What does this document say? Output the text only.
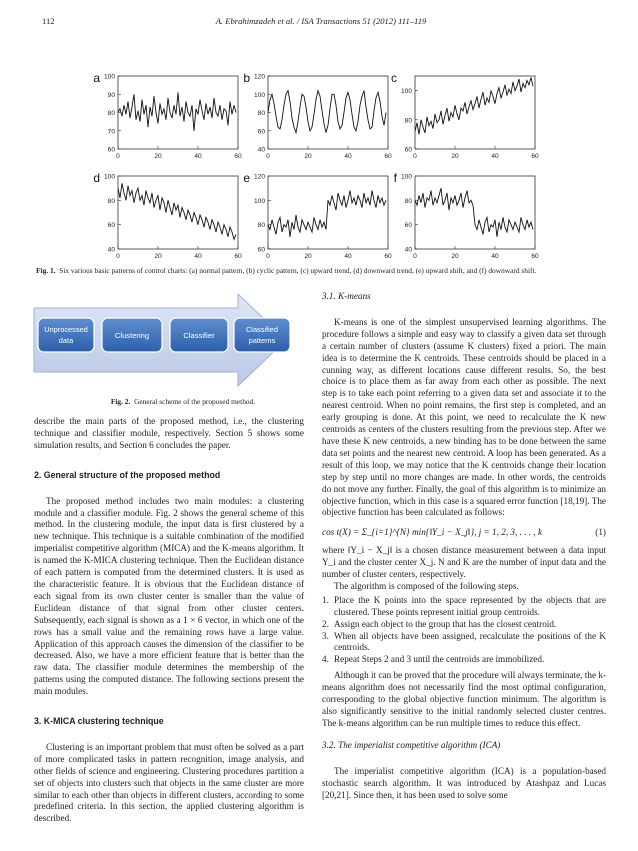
112	A. Ebrahimzadeh et al. / ISA Transactions 51 (2012) 111–119
100
90
80
70
60
0	20	40	60
a	120
100
80
60
40
0	20	40	60
b
100
80
60
0	20	40	60
c
100
80
60
40
0	20	40	60
d	120
100
80
60
0	20	40	60
e	100
80
60
40
0	20	40	60
f
Fig. 1. Six various basic patterns of control charts: (a) normal pattern, (b) cyclic pattern, (c) upward trend, (d) downward trend, (e) upward shift, and (f) downward shift.
Unprocessed
data
Clustering	Classifier
Classified
patterns
Fig. 2. General scheme of the proposed method.

describe the main parts of the proposed method, i.e., the clustering technique and classifier module, respectively. Section 5 shows some simulation results, and Section 6 concludes the paper.

2. General structure of the proposed method

The proposed method includes two main modules: a clustering module and a classifier module. Fig. 2 shows the general scheme of this method. In the clustering module, the input data is first clustered by a new technique. This technique is a suitable combination of the modified imperialist competitive algorithm (MICA) and the K-means algorithm. It is named the K-MICA clustering technique. Then the Euclidean distance of each pattern is computed from the determined clusters. It is used as the characteristic feature. It is obvious that the Euclidean distance of each signal from its own cluster center is smaller than the value of Euclidean distance of that signal from other cluster centers. Subsequently, each signal is shown as a 1 × 6 vector, in which one of the rows has a small value and the remaining rows have a large value. Application of this approach causes the dimension of the classifier to be decreased. Also, we have a more efficient feature that is better than the raw data. The classifier module determines the membership of the patterns using the computed distance. The following sections present the main modules.

3. K-MICA clustering technique

Clustering is an important problem that must often be solved as a part of more complicated tasks in pattern recognition, image analysis, and other fields of science and engineering. Clustering procedures partition a set of objects into clusters such that objects in the same cluster are more similar to each other than objects in different clusters, according to some predefined criteria. In this section, the applied clustering algorithm is described.

3.1. K-means

K-means is one of the simplest unsupervised learning algorithms. The procedure follows a simple and easy way to classify a given data set through a certain number of clusters (assume K clusters) fixed a priori. The main idea is to determine the K centroids. These centroids should be placed in a cunning way, as different locations cause different results. So, the best choice is to place them as far away from each other as possible. The next step is to take each point referring to a given data set and associate it to the nearest centroid. When no point remains, the first step is completed, and an early grouping is done. At this point, we need to recalculate the K new centroids as centers of the clusters resulting from the previous step. After we have these K new centroids, a new binding has to be done between the same data set points and the nearest new centroid. A loop has been generated. As a result of this loop, we may notice that the K centroids change their location step by step until no more changes are made. In other words, the centroids do not move any further. Finally, the goal of this algorithm is to minimize an objective function, which in this case is a squared error function [18,19]. The objective function has been calculated as follows:

cos t(X) = Σ_{i=1}^{N} min{‖Y_i − X_j‖}, j = 1, 2, 3, . . . , k	(1)

where ‖Y_i − X_j‖ is a chosen distance measurement between a data input Y_i and the cluster center X_j. N and K are the number of input data and the number of cluster centers, respectively.

The algorithm is composed of the following steps.

1. Place the K points into the space represented by the objects that are clustered. These points represent initial group centroids.
2. Assign each object to the group that has the closest centroid.
3. When all objects have been assigned, recalculate the positions of the K centroids.
4. Repeat Steps 2 and 3 until the centroids are immobilized.

Although it can be proved that the procedure will always terminate, the k-means algorithm does not necessarily find the most optimal configuration, corresponding to the global objective function minimum. The algorithm is also significantly sensitive to the initial randomly selected cluster centres. The k-means algorithm can be run multiple times to reduce this effect.

3.2. The imperialist competitive algorithm (ICA)

The imperialist competitive algorithm (ICA) is a population-based stochastic search algorithm. It was introduced by Atashpaz and Lucas [20,21]. Since then, it has been used to solve some
